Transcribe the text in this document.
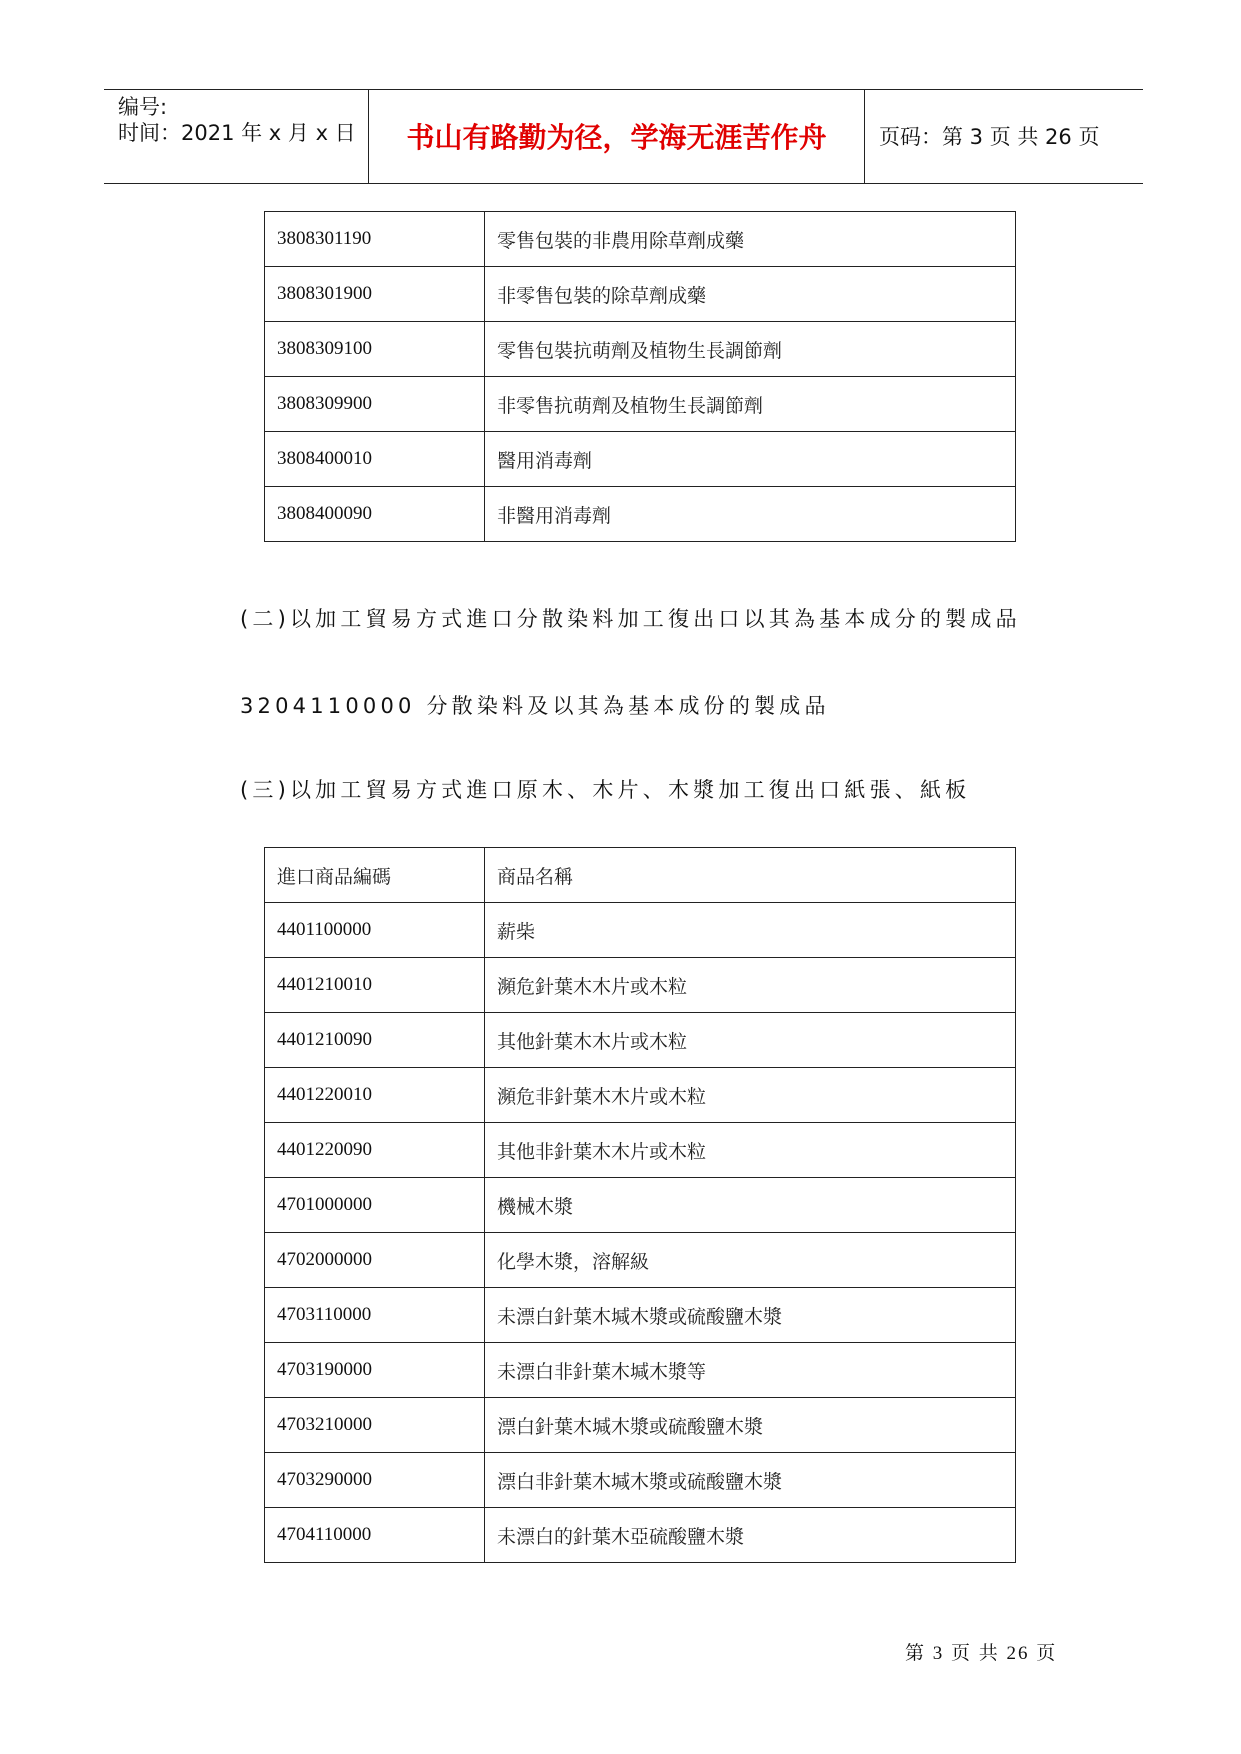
编号:
时间：2021 年 x 月 x 日	书山有路勤为径，学海无涯苦作舟	页码：第 3 页 共 26 页
3808301190	零售包裝的非農用除草劑成藥
3808301900	非零售包裝的除草劑成藥
3808309100	零售包裝抗萌劑及植物生長調節劑
3808309900	非零售抗萌劑及植物生長調節劑
3808400010	醫用消毒劑
3808400090	非醫用消毒劑
(二)以加工貿易方式進口分散染料加工復出口以其為基本成分的製成品
3204110000 分散染料及以其為基本成份的製成品
(三)以加工貿易方式進口原木、木片、木漿加工復出口紙張、紙板
進口商品編碼	商品名稱
4401100000	薪柴
4401210010	瀕危針葉木木片或木粒
4401210090	其他針葉木木片或木粒
4401220010	瀕危非針葉木木片或木粒
4401220090	其他非針葉木木片或木粒
4701000000	機械木漿
4702000000	化學木漿，溶解級
4703110000	未漂白針葉木堿木漿或硫酸鹽木漿
4703190000	未漂白非針葉木堿木漿等
4703210000	漂白針葉木堿木漿或硫酸鹽木漿
4703290000	漂白非針葉木堿木漿或硫酸鹽木漿
4704110000	未漂白的針葉木亞硫酸鹽木漿
第 3 页 共 26 页
